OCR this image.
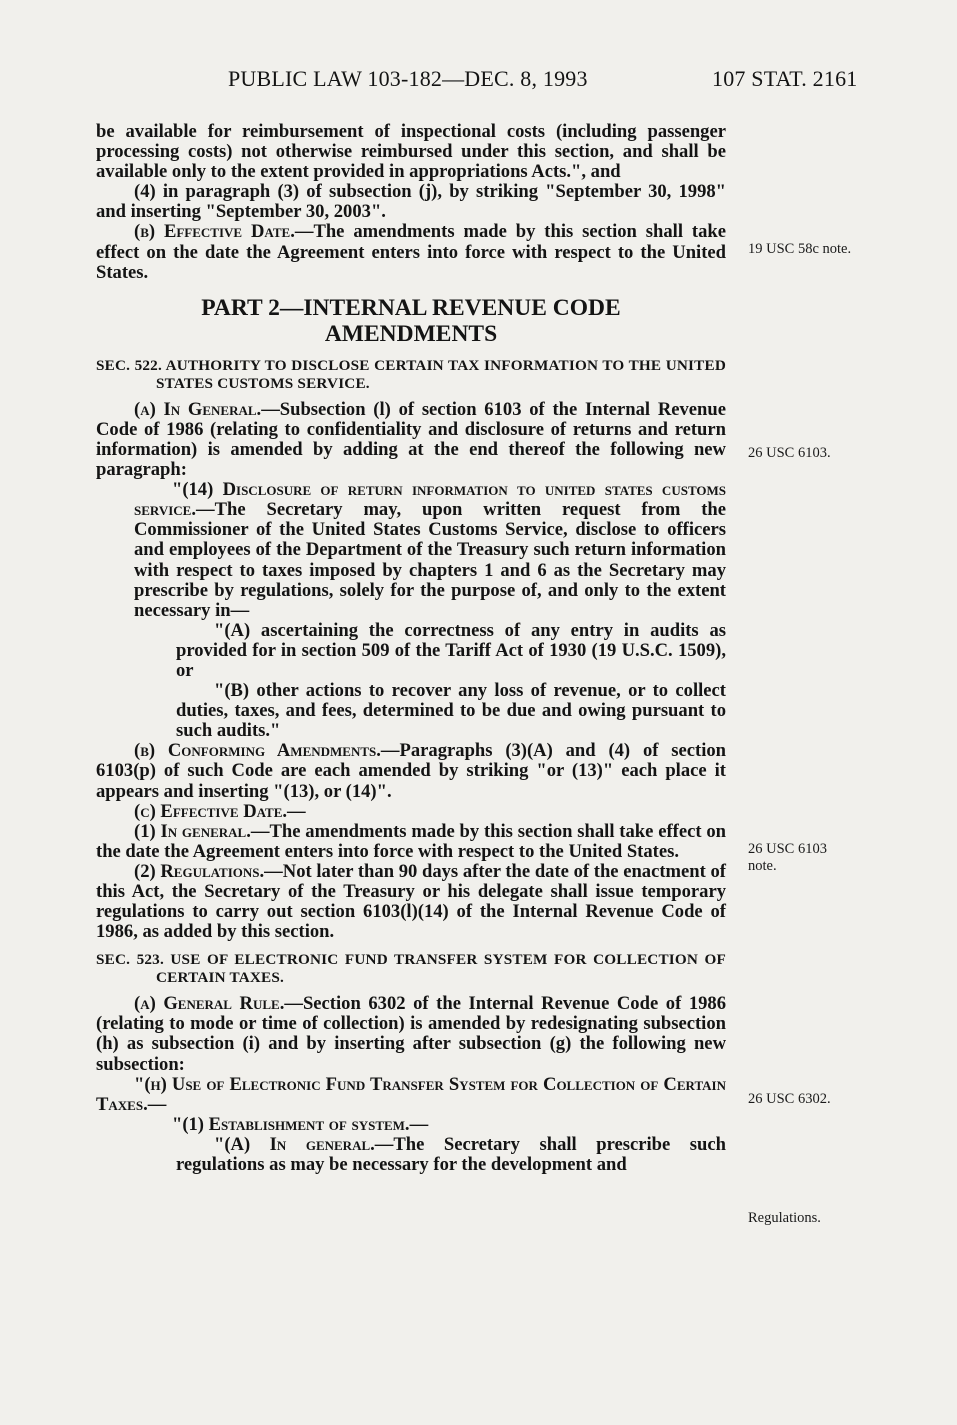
PUBLIC LAW 103-182—DEC. 8, 1993	107 STAT. 2161

be available for reimbursement of inspectional costs (including passenger processing costs) not otherwise reimbursed under this section, and shall be available only to the extent provided in appropriations Acts.", and

(4) in paragraph (3) of subsection (j), by striking "September 30, 1998" and inserting "September 30, 2003".

(b) Effective Date.—The amendments made by this section shall take effect on the date the Agreement enters into force with respect to the United States.

PART 2—INTERNAL REVENUE CODE
AMENDMENTS

SEC. 522. AUTHORITY TO DISCLOSE CERTAIN TAX INFORMATION TO THE UNITED STATES CUSTOMS SERVICE.

(a) In General.—Subsection (l) of section 6103 of the Internal Revenue Code of 1986 (relating to confidentiality and disclosure of returns and return information) is amended by adding at the end thereof the following new paragraph:

"(14) Disclosure of return information to united states customs service.—The Secretary may, upon written request from the Commissioner of the United States Customs Service, disclose to officers and employees of the Department of the Treasury such return information with respect to taxes imposed by chapters 1 and 6 as the Secretary may prescribe by regulations, solely for the purpose of, and only to the extent necessary in—

"(A) ascertaining the correctness of any entry in audits as provided for in section 509 of the Tariff Act of 1930 (19 U.S.C. 1509), or

"(B) other actions to recover any loss of revenue, or to collect duties, taxes, and fees, determined to be due and owing pursuant to such audits."

(b) Conforming Amendments.—Paragraphs (3)(A) and (4) of section 6103(p) of such Code are each amended by striking "or (13)" each place it appears and inserting "(13), or (14)".

(c) Effective Date.—

(1) In general.—The amendments made by this section shall take effect on the date the Agreement enters into force with respect to the United States.

(2) Regulations.—Not later than 90 days after the date of the enactment of this Act, the Secretary of the Treasury or his delegate shall issue temporary regulations to carry out section 6103(l)(14) of the Internal Revenue Code of 1986, as added by this section.

SEC. 523. USE OF ELECTRONIC FUND TRANSFER SYSTEM FOR COLLECTION OF CERTAIN TAXES.

(a) General Rule.—Section 6302 of the Internal Revenue Code of 1986 (relating to mode or time of collection) is amended by redesignating subsection (h) as subsection (i) and by inserting after subsection (g) the following new subsection:

"(h) Use of Electronic Fund Transfer System for Collection of Certain Taxes.—

"(1) Establishment of system.—

"(A) In general.—The Secretary shall prescribe such regulations as may be necessary for the development and

19 USC 58c note.
26 USC 6103.
26 USC 6103
note.
26 USC 6302.
Regulations.
